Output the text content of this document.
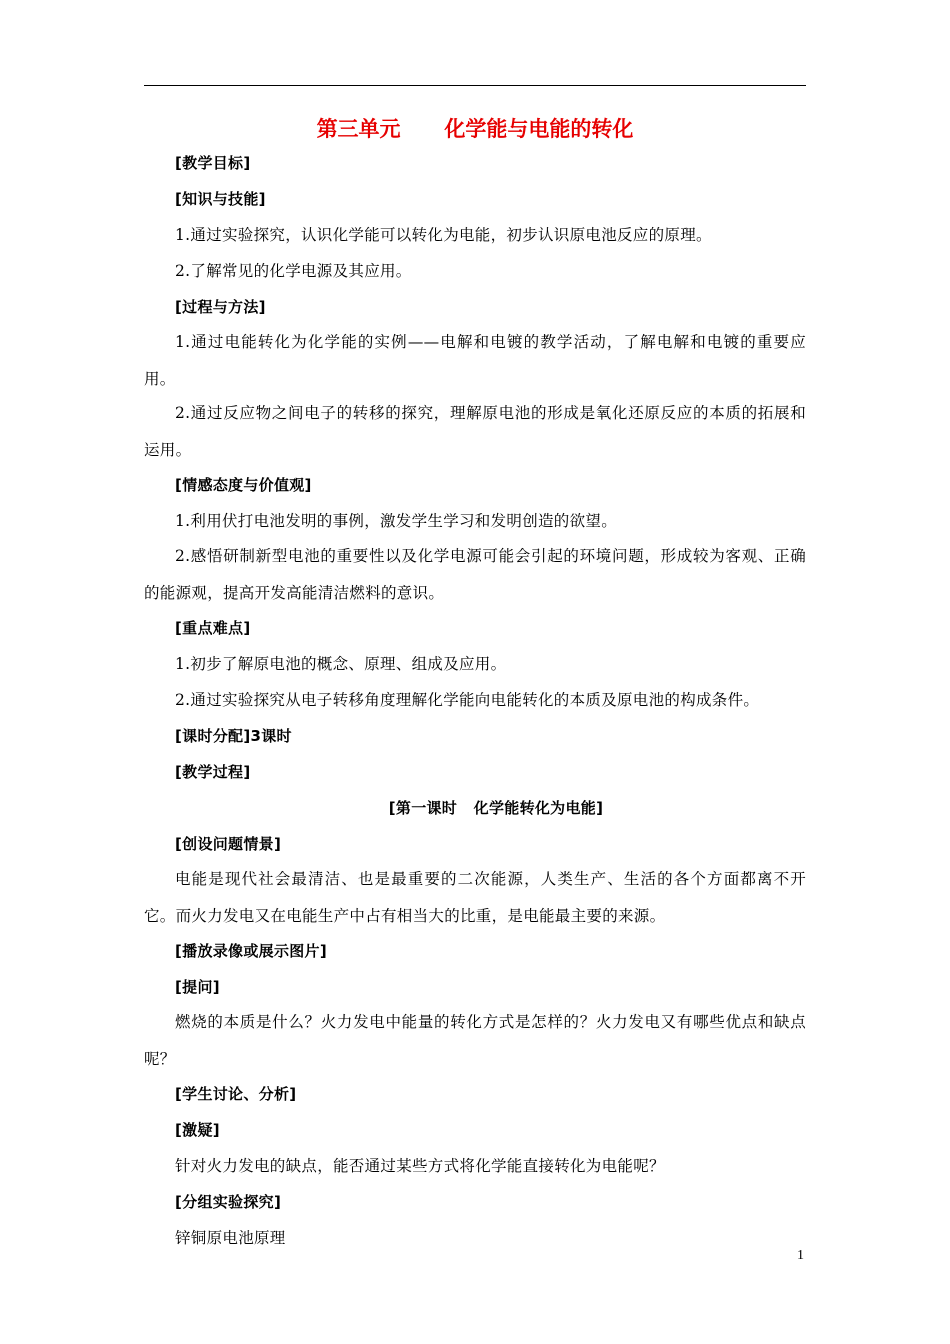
第三单元      化学能与电能的转化
[教学目标]
[知识与技能]
1.通过实验探究，认识化学能可以转化为电能，初步认识原电池反应的原理。
2.了解常见的化学电源及其应用。
[过程与方法]
1.通过电能转化为化学能的实例——电解和电镀的教学活动，了解电解和电镀的重要应用。
2.通过反应物之间电子的转移的探究，理解原电池的形成是氧化还原反应的本质的拓展和运用。
[情感态度与价值观]
1.利用伏打电池发明的事例，激发学生学习和发明创造的欲望。
2.感悟研制新型电池的重要性以及化学电源可能会引起的环境问题，形成较为客观、正确的能源观，提高开发高能清洁燃料的意识。
[重点难点]
1.初步了解原电池的概念、原理、组成及应用。
2.通过实验探究从电子转移角度理解化学能向电能转化的本质及原电池的构成条件。
[课时分配]3课时
[教学过程]
[第一课时   化学能转化为电能]
[创设问题情景]
电能是现代社会最清洁、也是最重要的二次能源，人类生产、生活的各个方面都离不开它。而火力发电又在电能生产中占有相当大的比重，是电能最主要的来源。
[播放录像或展示图片]
[提问]
燃烧的本质是什么？火力发电中能量的转化方式是怎样的？火力发电又有哪些优点和缺点呢？
[学生讨论、分析]
[激疑]
针对火力发电的缺点，能否通过某些方式将化学能直接转化为电能呢？
[分组实验探究]
锌铜原电池原理
1
